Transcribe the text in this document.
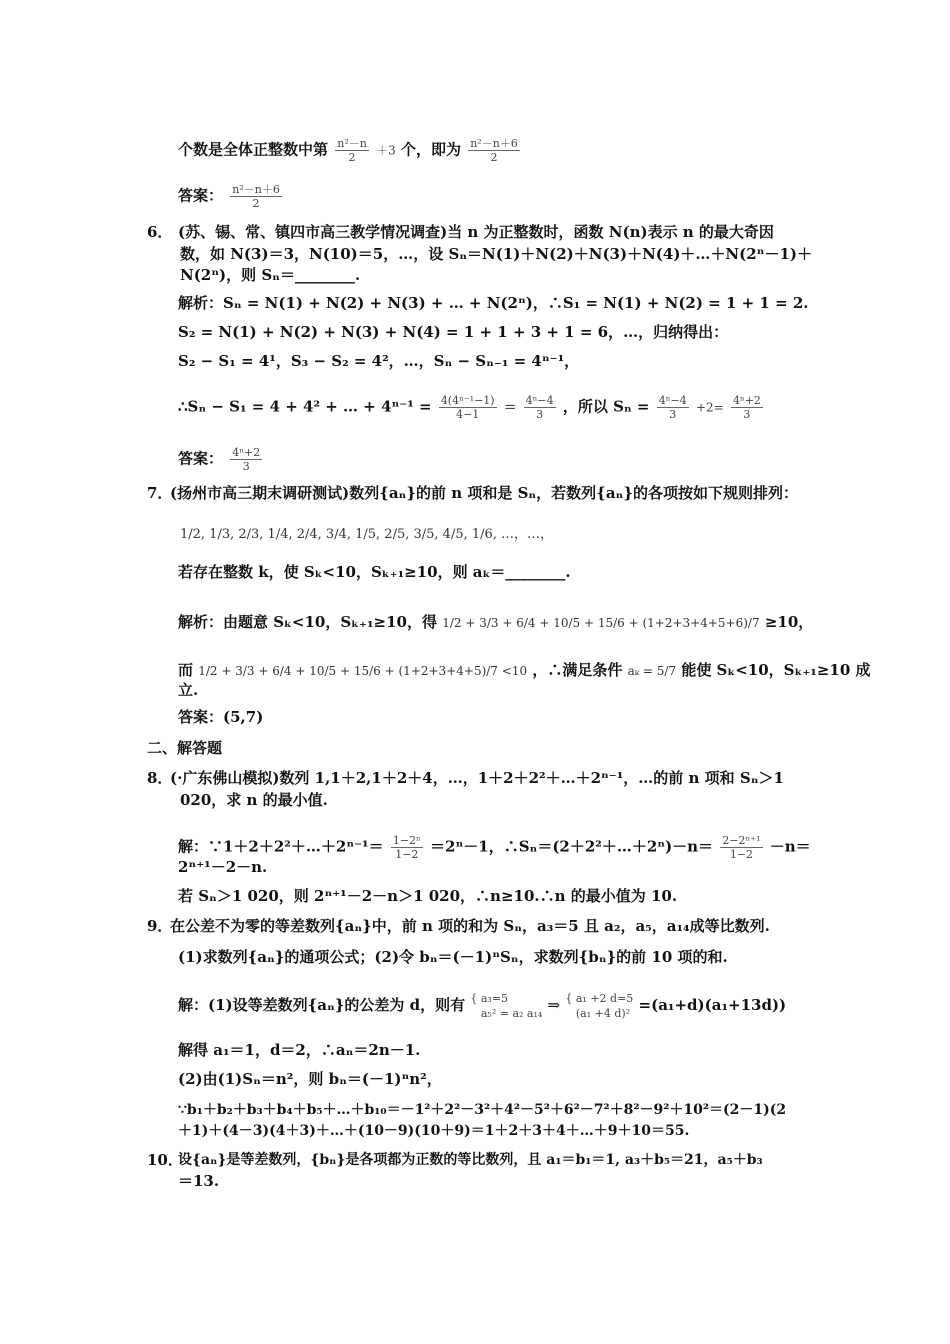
个数是全体正整数中第 $\frac{\text{n²－n}}{2} +3$ 个，即为 $\frac{\text{n²－n＋6}}{2}$
答案： $\frac{\text{n²－n＋6}}{2}$
6． (苏、锡、常、镇四市高三教学情况调查)当 n 为正整数时，函数 N(n)表示 n 的最大奇因
数，如 N(3)＝3，N(10)＝5，…，设 Sₙ＝N(1)＋N(2)＋N(3)＋N(4)＋…＋N(2ⁿ－1)＋
N(2ⁿ)，则 Sₙ＝________.
解析：Sₙ = N(1) + N(2) + N(3) + … + N(2ⁿ)，∴S₁ = N(1) + N(2) = 1 + 1 = 2.
S₂ = N(1) + N(2) + N(3) + N(4) = 1 + 1 + 3 + 1 = 6，…，归纳得出：
S₂ − S₁ = 4¹，S₃ − S₂ = 4²，…，Sₙ − Sₙ₋₁ = 4ⁿ⁻¹，
∴Sₙ − S₁ = 4 + 4² + … + $4^{n-1} = \frac{\text{4(4ⁿ⁻¹−1)}}{4-1} = \frac{\text{4ⁿ−4}}{3}$ ，所以 $S_n = \frac{\text{4ⁿ−4}}{3} +2= \frac{\text{4ⁿ+2}}{3}$
答案： $\frac{\text{4ⁿ+2}}{3}$
7．
(扬州市高三期末调研测试)数列{aₙ}的前 n 项和是 Sₙ，若数列{aₙ}的各项按如下规则排列：
1/2, 1/3, 2/3, 1/4, 2/4, 3/4, 1/5, 2/5, 3/5, 4/5, 1/6, …，…，
若存在整数 k，使 Sₖ<10，Sₖ₊₁≥10，则 aₖ＝________.
解析：由题意 Sₖ<10，Sₖ₊₁≥10，得 1/2 + 3/3 + 6/4 + 10/5 + 15/6 + (1+2+3+4+5+6)/7 ≥10，
而 1/2 + 3/3 + 6/4 + 10/5 + 15/6 + (1+2+3+4+5)/7 <10 ，∴满足条件 aₖ = 5/7 能使 Sₖ<10，Sₖ₊₁≥10 成
立.
答案：(5,7)
二、解答题
8．
(·广东佛山模拟)数列 1,1＋2,1＋2＋4，…，1＋2＋2²＋…＋2ⁿ⁻¹，…的前 n 项和 Sₙ＞1
020，求 n 的最小值.
解：∵1＋2＋2²＋…＋2ⁿ⁻¹＝ $\frac{\text{1−2ⁿ}}{1-2} =2^n-1$，∴Sₙ＝(2＋2²＋…＋2ⁿ)－n＝ $\frac{\text{2−2ⁿ⁺¹}}{1-2} -n=$
2ⁿ⁺¹－2－n.
若 Sₙ＞1 020，则 2ⁿ⁺¹－2－n＞1 020，∴n≥10.∴n 的最小值为 10.
9．
在公差不为零的等差数列{aₙ}中，前 n 项的和为 Sₙ，a₃＝5 且 a₂，a₅，a₁₄成等比数列.
(1)求数列{aₙ}的通项公式；(2)令 bₙ＝(－1)ⁿSₙ，求数列{bₙ}的前 10 项的和.
解：(1)设等差数列{aₙ}的公差为 d，则有 { a₃=5
a₅² = a₂ a₁₄ ⇒ { a₁ +2 d=5
(a₁ +4 d)² =(a₁+d)(a₁+13d))
解得 a₁＝1，d＝2，∴aₙ＝2n－1.
(2)由(1)Sₙ＝n²，则 bₙ＝(－1)ⁿn²，
∵b₁＋b₂＋b₃＋b₄＋b₅＋…＋b₁₀＝－1²＋2²－3²＋4²－5²＋6²－7²＋8²－9²＋10²＝(2－1)(2
＋1)＋(4－3)(4＋3)＋…＋(10－9)(10＋9)＝1＋2＋3＋4＋…＋9＋10＝55.
10．
设{aₙ}是等差数列，{bₙ}是各项都为正数的等比数列，且 a₁＝b₁＝1, a₃＋b₅＝21，a₅＋b₃
＝13.
